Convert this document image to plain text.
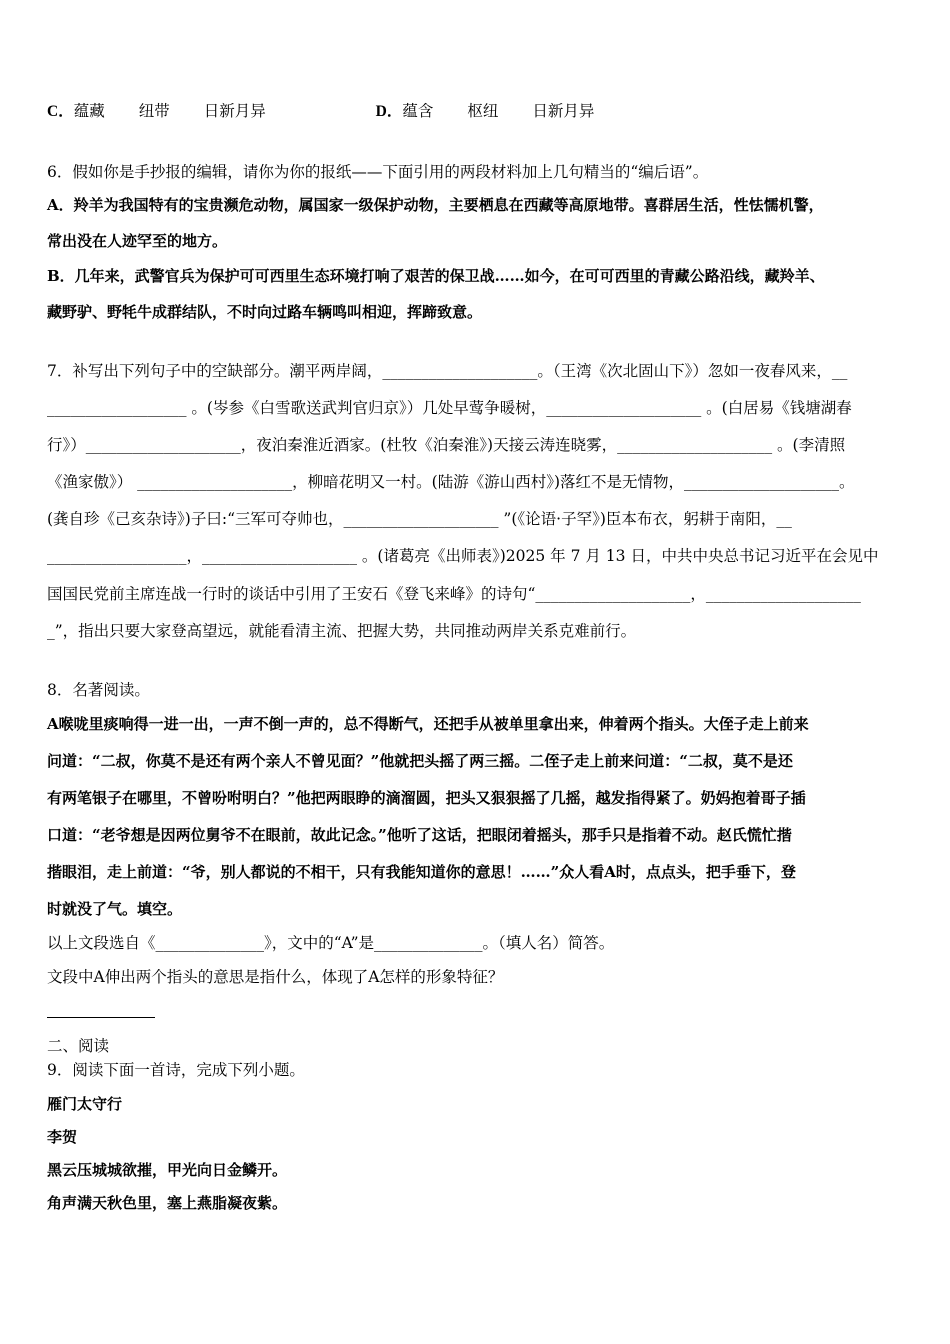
C．蕴藏 纽带 日新月异	D．蕴含 枢纽 日新月异
6．假如你是手抄报的编辑，请你为你的报纸——下面引用的两段材料加上几句精当的“编后语”。
A．羚羊为我国特有的宝贵濒危动物，属国家一级保护动物，主要栖息在西藏等高原地带。喜群居生活，性怯懦机警，
常出没在人迹罕至的地方。
B．几年来，武警官兵为保护可可西里生态环境打响了艰苦的保卫战……如今，在可可西里的青藏公路沿线，藏羚羊、
藏野驴、野牦牛成群结队，不时向过路车辆鸣叫相迎，挥蹄致意。
7．补写出下列句子中的空缺部分。潮平两岸阔，____________________。（王湾《次北固山下》）忽如一夜春风来，__
__________________ 。(岑参《白雪歌送武判官归京》）几处早莺争暖树，____________________ 。(白居易《钱塘湖春
行》）____________________，夜泊秦淮近酒家。(杜牧《泊秦淮》)天接云涛连晓雾，____________________ 。(李清照
《渔家傲》） ____________________，柳暗花明又一村。(陆游《游山西村》)落红不是无情物，____________________。
(龚自珍《己亥杂诗》)子曰:“三军可夺帅也，____________________ ”(《论语·子罕》)臣本布衣，躬耕于南阳，__
__________________，____________________ 。(诸葛亮《出师表》)2025 年 7 月 13 日，中共中央总书记习近平在会见中
国国民党前主席连战一行时的谈话中引用了王安石《登飞来峰》的诗句“____________________，____________________
_”，指出只要大家登高望远，就能看清主流、把握大势，共同推动两岸关系克难前行。
8．名著阅读。
A喉咙里痰响得一进一出，一声不倒一声的，总不得断气，还把手从被单里拿出来，伸着两个指头。大侄子走上前来
问道：“二叔，你莫不是还有两个亲人不曾见面？”他就把头摇了两三摇。二侄子走上前来问道：“二叔，莫不是还
有两笔银子在哪里，不曾吩咐明白？”他把两眼睁的滴溜圆，把头又狠狠摇了几摇，越发指得紧了。奶妈抱着哥子插
口道：“老爷想是因两位舅爷不在眼前，故此记念。”他听了这话，把眼闭着摇头，那手只是指着不动。赵氏慌忙揩
揩眼泪，走上前道：“爷，别人都说的不相干，只有我能知道你的意思！……”众人看A时，点点头，把手垂下，登
时就没了气。填空。
以上文段选自《______________》，文中的“A”是______________。（填人名）简答。
文段中A伸出两个指头的意思是指什么，体现了A怎样的形象特征？
二、阅读
9．阅读下面一首诗，完成下列小题。
雁门太守行
李贺
黑云压城城欲摧，甲光向日金鳞开。
角声满天秋色里，塞上燕脂凝夜紫。
